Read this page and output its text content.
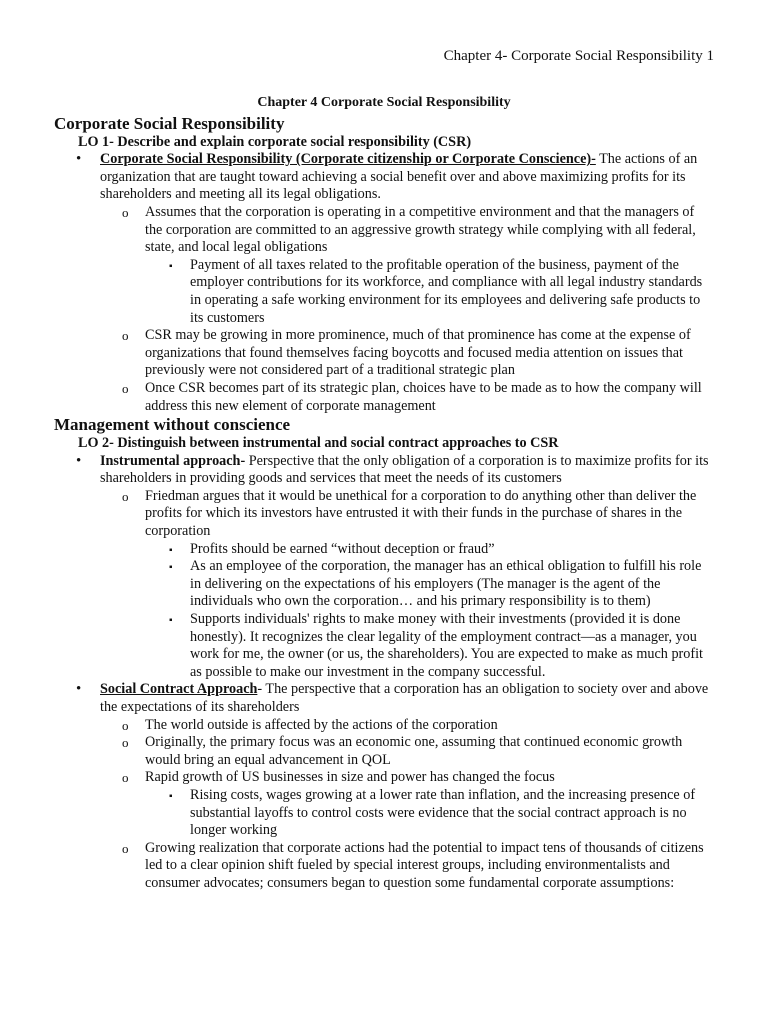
Chapter 4- Corporate Social Responsibility 1
Chapter 4 Corporate Social Responsibility
Corporate Social Responsibility
LO 1- Describe and explain corporate social responsibility (CSR)
• Corporate Social Responsibility (Corporate citizenship or Corporate Conscience)- The actions of an organization that are taught toward achieving a social benefit over and above maximizing profits for its shareholders and meeting all its legal obligations.
o Assumes that the corporation is operating in a competitive environment and that the managers of the corporation are committed to an aggressive growth strategy while complying with all federal, state, and local legal obligations
▪ Payment of all taxes related to the profitable operation of the business, payment of the employer contributions for its workforce, and compliance with all legal industry standards in operating a safe working environment for its employees and delivering safe products to its customers
o CSR may be growing in more prominence, much of that prominence has come at the expense of organizations that found themselves facing boycotts and focused media attention on issues that previously were not considered part of a traditional strategic plan
o Once CSR becomes part of its strategic plan, choices have to be made as to how the company will address this new element of corporate management
Management without conscience
LO 2- Distinguish between instrumental and social contract approaches to CSR
• Instrumental approach- Perspective that the only obligation of a corporation is to maximize profits for its shareholders in providing goods and services that meet the needs of its customers
o Friedman argues that it would be unethical for a corporation to do anything other than deliver the profits for which its investors have entrusted it with their funds in the purchase of shares in the corporation
▪ Profits should be earned “without deception or fraud”
▪ As an employee of the corporation, the manager has an ethical obligation to fulfill his role in delivering on the expectations of his employers (The manager is the agent of the individuals who own the corporation… and his primary responsibility is to them)
▪ Supports individuals' rights to make money with their investments (provided it is done honestly). It recognizes the clear legality of the employment contract—as a manager, you work for me, the owner (or us, the shareholders). You are expected to make as much profit as possible to make our investment in the company successful.
• Social Contract Approach- The perspective that a corporation has an obligation to society over and above the expectations of its shareholders
o The world outside is affected by the actions of the corporation
o Originally, the primary focus was an economic one, assuming that continued economic growth would bring an equal advancement in QOL
o Rapid growth of US businesses in size and power has changed the focus
▪ Rising costs, wages growing at a lower rate than inflation, and the increasing presence of substantial layoffs to control costs were evidence that the social contract approach is no longer working
o Growing realization that corporate actions had the potential to impact tens of thousands of citizens led to a clear opinion shift fueled by special interest groups, including environmentalists and consumer advocates; consumers began to question some fundamental corporate assumptions:
